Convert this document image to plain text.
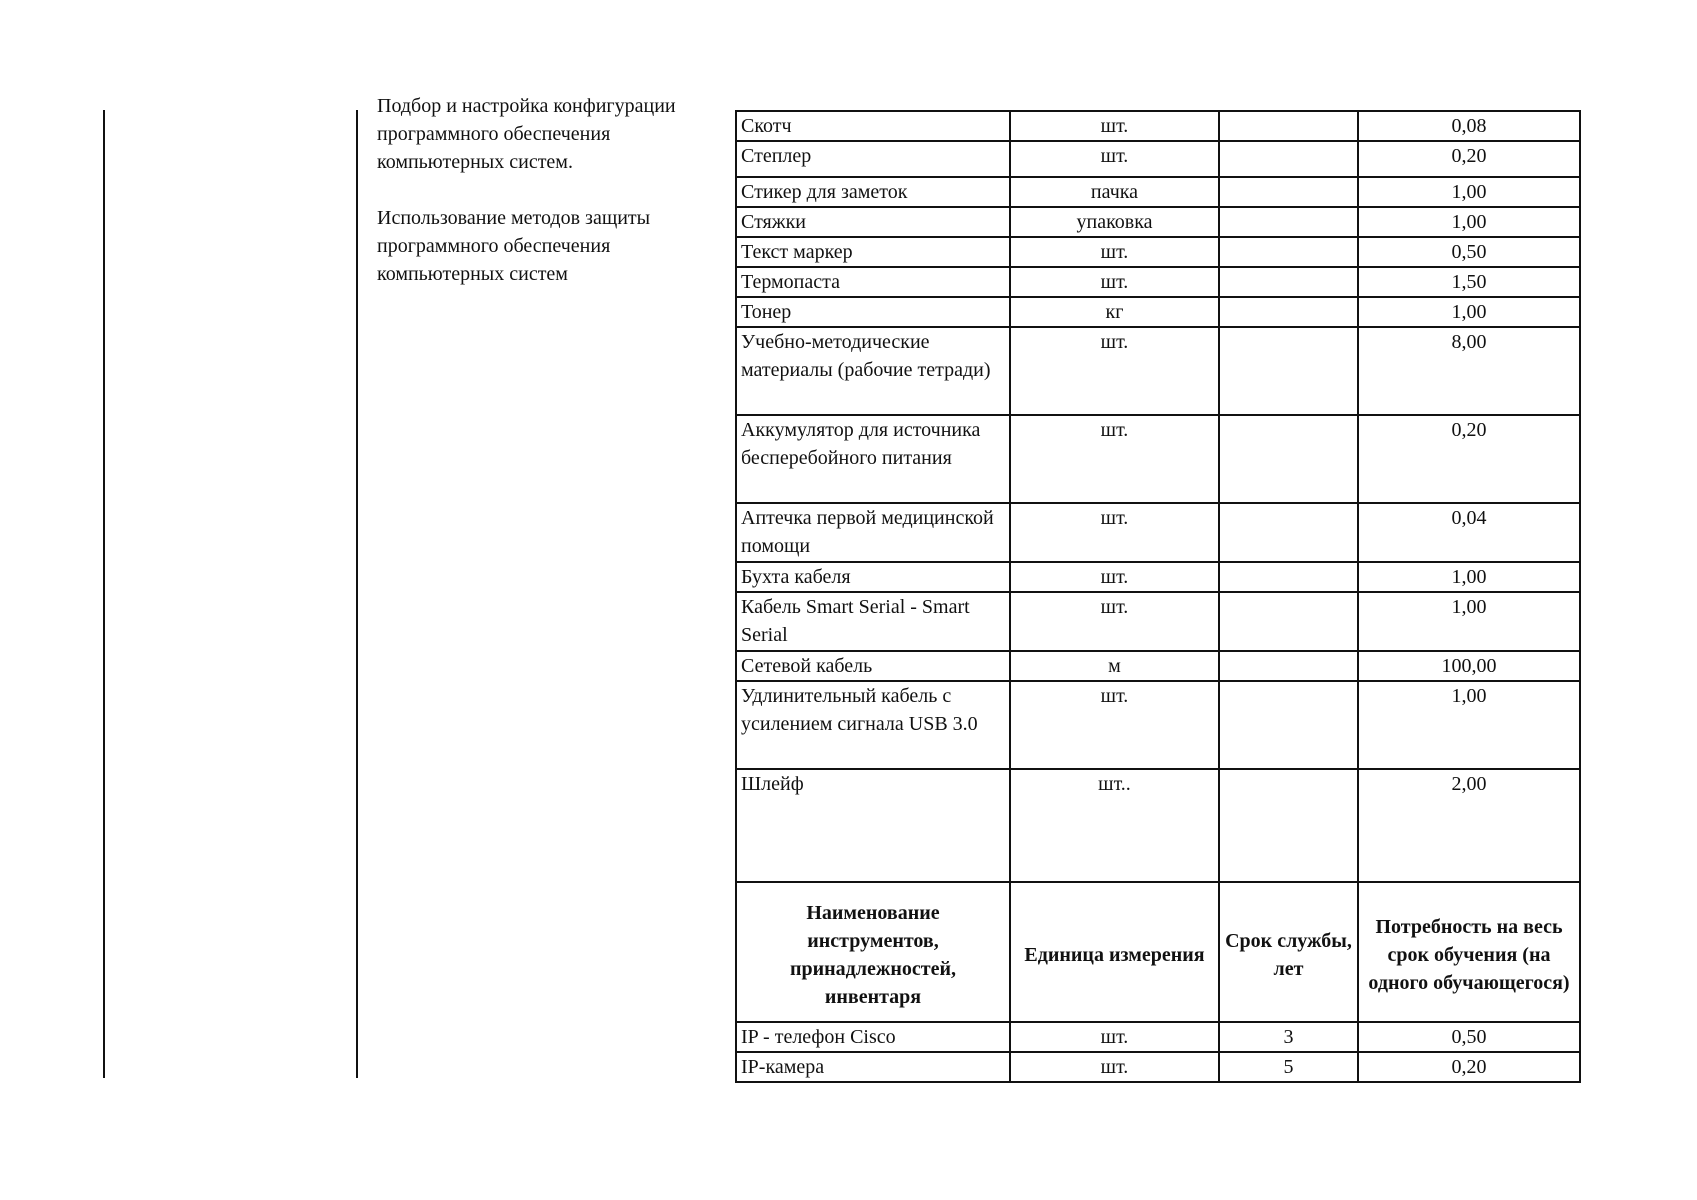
Подбор и настройка конфигурации программного обеспечения компьютерных систем.

Использование методов защиты программного обеспечения компьютерных систем

Скотч	шт.		0,08
Степлер	шт.		0,20
Стикер для заметок	пачка		1,00
Стяжки	упаковка		1,00
Текст маркер	шт.		0,50
Термопаста	шт.		1,50
Тонер	кг		1,00
Учебно-методические материалы (рабочие тетради)	шт.		8,00
Аккумулятор для источника бесперебойного питания	шт.		0,20
Аптечка первой медицинской помощи	шт.		0,04
Бухта кабеля	шт.		1,00
Кабель Smart Serial - Smart Serial	шт.		1,00
Сетевой кабель	м		100,00
Удлинительный кабель с усилением сигнала USB 3.0	шт.		1,00
Шлейф	шт..		2,00
Наименование инструментов, принадлежностей, инвентаря	Единица измерения	Срок службы, лет	Потребность на весь срок обучения (на одного обучающегося)
IP - телефон Cisco	шт.	3	0,50
IP-камера	шт.	5	0,20
